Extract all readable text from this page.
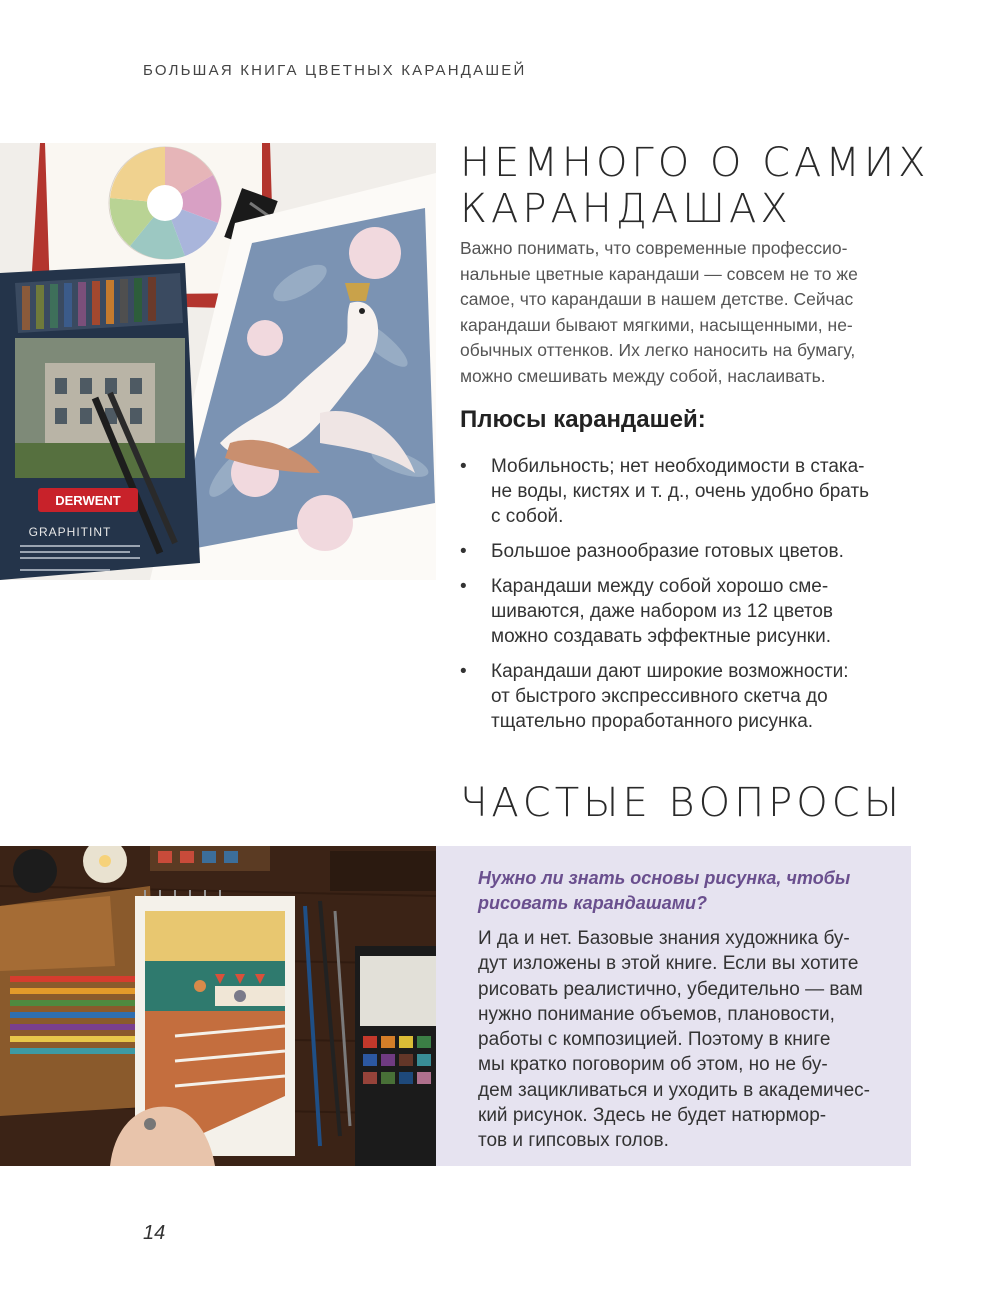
БОЛЬШАЯ КНИГА ЦВЕТНЫХ КАРАНДАШЕЙ
DERWENT
GRAPHITINT
НЕМНОГО О САМИХ
КАРАНДАШАХ
Важно понимать, что современные профессио-
нальные цветные карандаши — совсем не то же
самое, что карандаши в нашем детстве. Сейчас
карандаши бывают мягкими, насыщенными, не-
обычных оттенков. Их легко наносить на бумагу,
можно смешивать между собой, наслаивать.
Плюсы карандашей:
• Мобильность; нет необходимости в стака-
не воды, кистях и т. д., очень удобно брать
с собой.
• Большое разнообразие готовых цветов.
• Карандаши между собой хорошо сме-
шиваются, даже набором из 12 цветов
можно создавать эффектные рисунки.
• Карандаши дают широкие возможности:
от быстрого экспрессивного скетча до
тщательно проработанного рисунка.
ЧАСТЫЕ ВОПРОСЫ
Нужно ли знать основы рисунка, чтобы
рисовать карандашами?
И да и нет. Базовые знания художника бу-
дут изложены в этой книге. Если вы хотите
рисовать реалистично, убедительно — вам
нужно понимание объемов, плановости,
работы с композицией. Поэтому в книге
мы кратко поговорим об этом, но не бу-
дем зацикливаться и уходить в академичес-
кий рисунок. Здесь не будет натюрмор-
тов и гипсовых голов.
14
